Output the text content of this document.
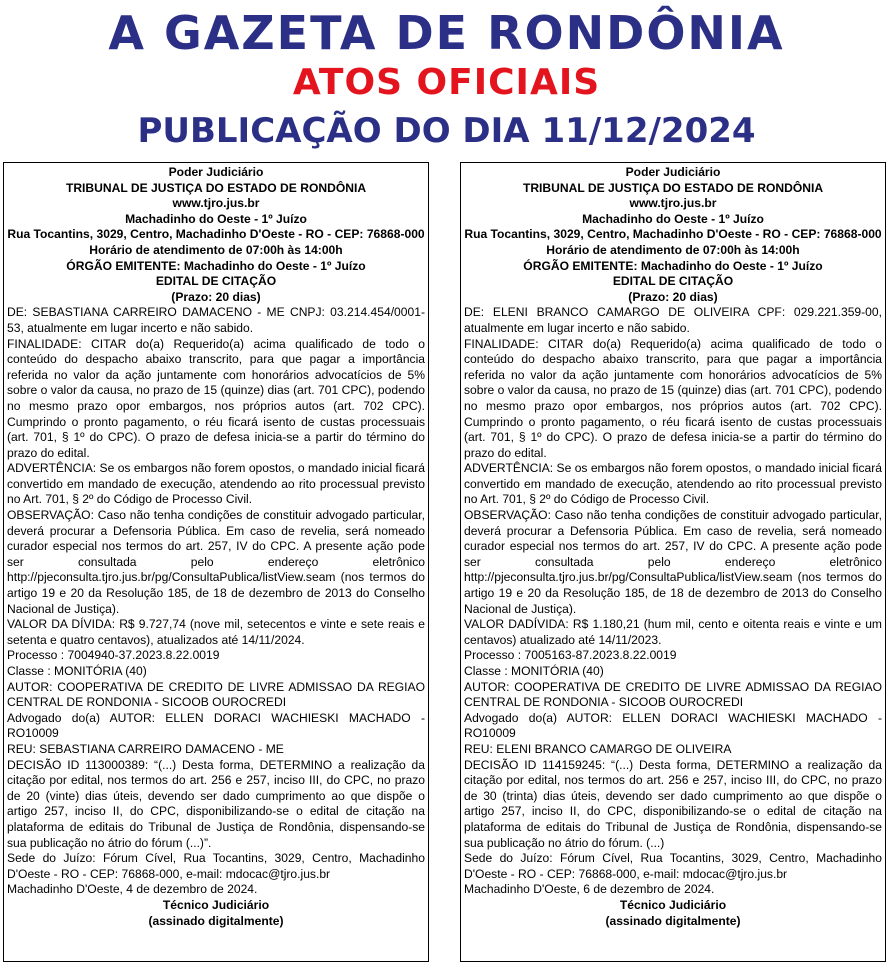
A GAZETA DE RONDÔNIA
ATOS OFICIAIS
PUBLICAÇÃO DO DIA 11/12/2024
Poder Judiciário
TRIBUNAL DE JUSTIÇA DO ESTADO DE RONDÔNIA
www.tjro.jus.br
Machadinho do Oeste - 1º Juízo
Rua Tocantins, 3029, Centro, Machadinho D'Oeste - RO - CEP: 76868-000
Horário de atendimento de 07:00h às 14:00h
ÓRGÃO EMITENTE: Machadinho do Oeste - 1º Juízo
EDITAL DE CITAÇÃO
(Prazo: 20 dias)
DE: SEBASTIANA CARREIRO DAMACENO - ME CNPJ: 03.214.454/0001-53, atualmente em lugar incerto e não sabido.
FINALIDADE: CITAR do(a) Requerido(a) acima qualificado de todo o conteúdo do despacho abaixo transcrito, para que pagar a importância referida no valor da ação juntamente com honorários advocatícios de 5% sobre o valor da causa, no prazo de 15 (quinze) dias (art. 701 CPC), podendo no mesmo prazo opor embargos, nos próprios autos (art. 702 CPC). Cumprindo o pronto pagamento, o réu ficará isento de custas processuais (art. 701, § 1º do CPC). O prazo de defesa inicia-se a partir do término do prazo do edital.
ADVERTÊNCIA: Se os embargos não forem opostos, o mandado inicial ficará convertido em mandado de execução, atendendo ao rito processual previsto no Art. 701, § 2º do Código de Processo Civil.
OBSERVAÇÃO: Caso não tenha condições de constituir advogado particular, deverá procurar a Defensoria Pública. Em caso de revelia, será nomeado curador especial nos termos do art. 257, IV do CPC. A presente ação pode ser consultada pelo endereço eletrônico http://pjeconsulta.tjro.jus.br/pg/ConsultaPublica/listView.seam (nos termos do artigo 19 e 20 da Resolução 185, de 18 de dezembro de 2013 do Conselho Nacional de Justiça).
VALOR DA DÍVIDA: R$ 9.727,74 (nove mil, setecentos e vinte e sete reais e setenta e quatro centavos), atualizados até 14/11/2024.
Processo : 7004940-37.2023.8.22.0019
Classe : MONITÓRIA (40)
AUTOR: COOPERATIVA DE CREDITO DE LIVRE ADMISSAO DA REGIAO CENTRAL DE RONDONIA - SICOOB OUROCREDI
Advogado do(a) AUTOR: ELLEN DORACI WACHIESKI MACHADO - RO10009
REU: SEBASTIANA CARREIRO DAMACENO - ME
DECISÃO ID 113000389: “(...) Desta forma, DETERMINO a realização da citação por edital, nos termos do art. 256 e 257, inciso III, do CPC, no prazo de 20 (vinte) dias úteis, devendo ser dado cumprimento ao que dispõe o artigo 257, inciso II, do CPC, disponibilizando-se o edital de citação na plataforma de editais do Tribunal de Justiça de Rondônia, dispensando-se sua publicação no átrio do fórum (...)”.
Sede do Juízo: Fórum Cível, Rua Tocantins, 3029, Centro, Machadinho D'Oeste - RO - CEP: 76868-000, e-mail: mdocac@tjro.jus.br
Machadinho D'Oeste, 4 de dezembro de 2024.
Técnico Judiciário
(assinado digitalmente)
Poder Judiciário
TRIBUNAL DE JUSTIÇA DO ESTADO DE RONDÔNIA
www.tjro.jus.br
Machadinho do Oeste - 1º Juízo
Rua Tocantins, 3029, Centro, Machadinho D'Oeste - RO - CEP: 76868-000
Horário de atendimento de 07:00h às 14:00h
ÓRGÃO EMITENTE: Machadinho do Oeste - 1º Juízo
EDITAL DE CITAÇÃO
(Prazo: 20 dias)
DE: ELENI BRANCO CAMARGO DE OLIVEIRA CPF: 029.221.359-00, atualmente em lugar incerto e não sabido.
FINALIDADE: CITAR do(a) Requerido(a) acima qualificado de todo o conteúdo do despacho abaixo transcrito, para que pagar a importância referida no valor da ação juntamente com honorários advocatícios de 5% sobre o valor da causa, no prazo de 15 (quinze) dias (art. 701 CPC), podendo no mesmo prazo opor embargos, nos próprios autos (art. 702 CPC). Cumprindo o pronto pagamento, o réu ficará isento de custas processuais (art. 701, § 1º do CPC). O prazo de defesa inicia-se a partir do término do prazo do edital.
ADVERTÊNCIA: Se os embargos não forem opostos, o mandado inicial ficará convertido em mandado de execução, atendendo ao rito processual previsto no Art. 701, § 2º do Código de Processo Civil.
OBSERVAÇÃO: Caso não tenha condições de constituir advogado particular, deverá procurar a Defensoria Pública. Em caso de revelia, será nomeado curador especial nos termos do art. 257, IV do CPC. A presente ação pode ser consultada pelo endereço eletrônico http://pjeconsulta.tjro.jus.br/pg/ConsultaPublica/listView.seam (nos termos do artigo 19 e 20 da Resolução 185, de 18 de dezembro de 2013 do Conselho Nacional de Justiça).
VALOR DADÍVIDA: R$ 1.180,21 (hum mil, cento e oitenta reais e vinte e um centavos) atualizado até 14/11/2023.
Processo : 7005163-87.2023.8.22.0019
Classe : MONITÓRIA (40)
AUTOR: COOPERATIVA DE CREDITO DE LIVRE ADMISSAO DA REGIAO CENTRAL DE RONDONIA - SICOOB OUROCREDI
Advogado do(a) AUTOR: ELLEN DORACI WACHIESKI MACHADO - RO10009
REU: ELENI BRANCO CAMARGO DE OLIVEIRA
DECISÃO ID 114159245: “(...) Desta forma, DETERMINO a realização da citação por edital, nos termos do art. 256 e 257, inciso III, do CPC, no prazo de 30 (trinta) dias úteis, devendo ser dado cumprimento ao que dispõe o artigo 257, inciso II, do CPC, disponibilizando-se o edital de citação na plataforma de editais do Tribunal de Justiça de Rondônia, dispensando-se sua publicação no átrio do fórum. (...)
Sede do Juízo: Fórum Cível, Rua Tocantins, 3029, Centro, Machadinho D'Oeste - RO - CEP: 76868-000, e-mail: mdocac@tjro.jus.br
Machadinho D'Oeste, 6 de dezembro de 2024.
Técnico Judiciário
(assinado digitalmente)
